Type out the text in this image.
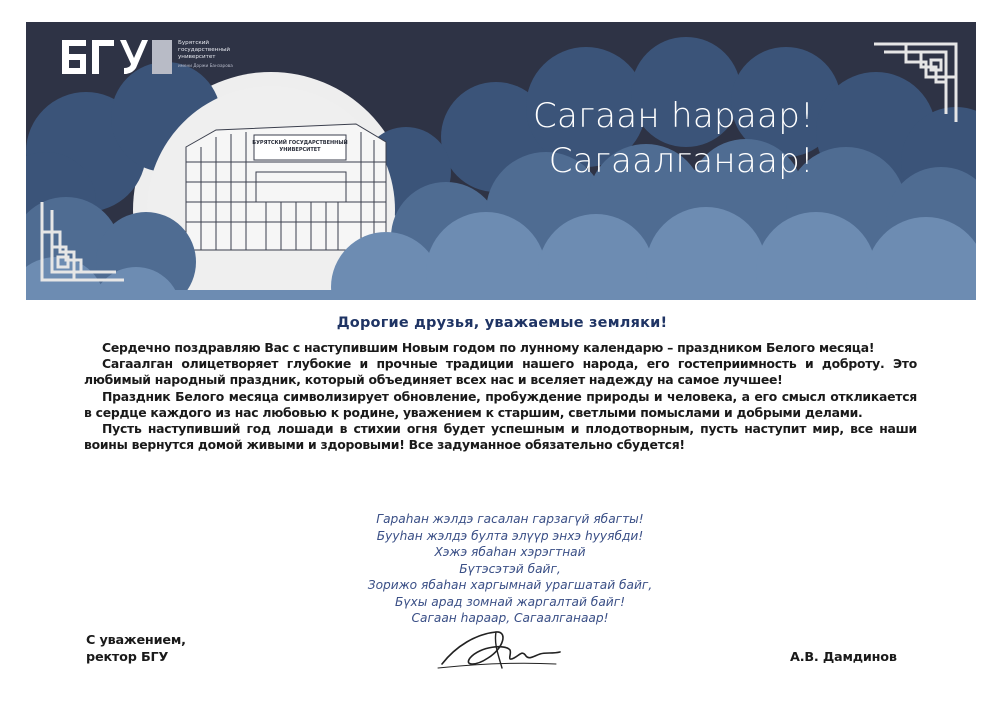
БУРЯТСКИЙ ГОСУДАРСТВЕННЫЙ
УНИВЕРСИТЕТ
Бурятский
государственный
университет
имени Доржи Банзарова
Сагаан hараар!
Сагаалганаар!
Дорогие друзья, уважаемые земляки!

Сердечно поздравляю Вас с наступившим Новым годом по лунному календарю – праздником Белого месяца!

Сагаалган олицетворяет глубокие и прочные традиции нашего народа, его гостеприимность и доброту. Это любимый народный праздник, который объединяет всех нас и вселяет надежду на самое лучшее!

Праздник Белого месяца символизирует обновление, пробуждение природы и человека, а его смысл откликается в сердце каждого из нас любовью к родине, уважением к старшим, светлыми помыслами и добрыми делами.

Пусть наступивший год лошади в стихии огня будет успешным и плодотворным, пусть наступит мир, все наши воины вернутся домой живыми и здоровыми! Все задуманное обязательно сбудется!

Гараhан жэлдэ гасалан гарзагүй ябагты!
Бууhан жэлдэ булта элүүр энхэ hууябди!
Хэжэ ябаhан хэрэгтнай
Бүтэсэтэй байг,
Зорижо ябаhан харгымнай урагшатай байг,
Бүхы арад зомнай жаргалтай байг!
Сагаан hараар, Сагаалганаар!
С уважением,
ректор БГУ	А.В. Дамдинов
